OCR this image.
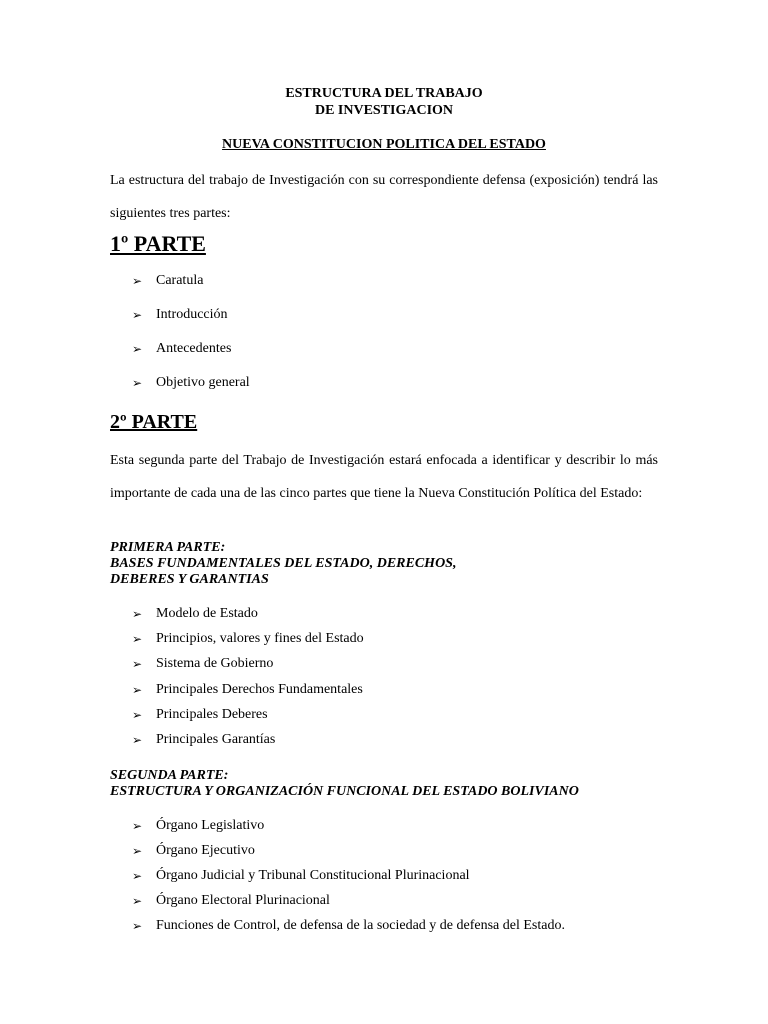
ESTRUCTURA DEL TRABAJO
DE INVESTIGACION
NUEVA CONSTITUCION POLITICA DEL ESTADO

La estructura del trabajo de Investigación con su correspondiente defensa (exposición) tendrá las siguientes tres partes:

1º PARTE
➢ Caratula
➢ Introducción
➢ Antecedentes
➢ Objetivo general
2º PARTE

Esta segunda parte del Trabajo de Investigación estará enfocada a identificar y describir lo más importante de cada una de las cinco partes que tiene la Nueva Constitución Política del Estado:

PRIMERA PARTE:
BASES FUNDAMENTALES DEL ESTADO, DERECHOS,
DEBERES Y GARANTIAS
➢ Modelo de Estado
➢ Principios, valores y fines del Estado
➢ Sistema de Gobierno
➢ Principales Derechos Fundamentales
➢ Principales Deberes
➢ Principales Garantías
SEGUNDA PARTE:
ESTRUCTURA Y ORGANIZACIÓN FUNCIONAL DEL ESTADO BOLIVIANO
➢ Órgano Legislativo
➢ Órgano Ejecutivo
➢ Órgano Judicial y Tribunal Constitucional Plurinacional
➢ Órgano Electoral Plurinacional
➢ Funciones de Control, de defensa de la sociedad y de defensa del Estado.
